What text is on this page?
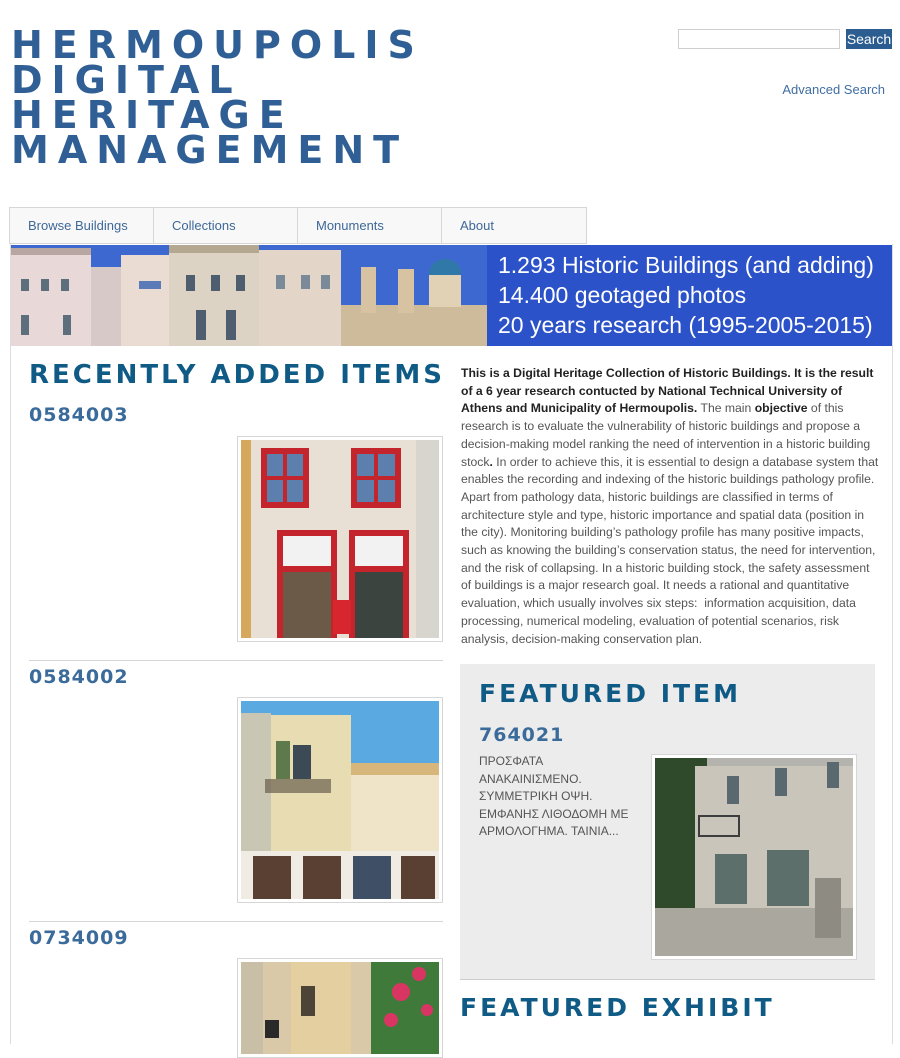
HERMOUPOLIS
DIGITAL
HERITAGE
MANAGEMENT
Search
Advanced Search
Browse Buildings	Collections	Monuments	About
1.293 Historic Buildings (and adding)
14.400 geotaged photos
20 years research (1995-2005-2015)
RECENTLY ADDED ITEMS
0584003
0584002
0734009

This is a Digital Heritage Collection of Historic Buildings. It is the result of a 6 year research contucted by National Technical University of Athens and Municipality of Hermoupolis. The main objective of this research is to evaluate the vulnerability of historic buildings and propose a decision-making model ranking the need of intervention in a historic building stock. In order to achieve this, it is essential to design a database system that enables the recording and indexing of the historic buildings pathology profile. Apart from pathology data, historic buildings are classified in terms of architecture style and type, historic importance and spatial data (position in the city). Monitoring building’s pathology profile has many positive impacts, such as knowing the building’s conservation status, the need for intervention, and the risk of collapsing. In a historic building stock, the safety assessment of buildings is a major research goal. It needs a rational and quantitative evaluation, which usually involves six steps:  information acquisition, data processing, numerical modeling, evaluation of potential scenarios, risk analysis, decision-making conservation plan.

FEATURED ITEM
764021

ΠΡΟΣΦΑΤΑ ΑΝΑΚΑΙΝΙΣΜΕΝΟ. ΣΥΜΜΕΤΡΙΚΗ ΟΨΗ. ΕΜΦΑΝΗΣ ΛΙΘΟΔΟΜΗ ΜΕ ΑΡΜΟΛΟΓΗΜΑ. ΤΑΙΝΙΑ...

FEATURED EXHIBIT
